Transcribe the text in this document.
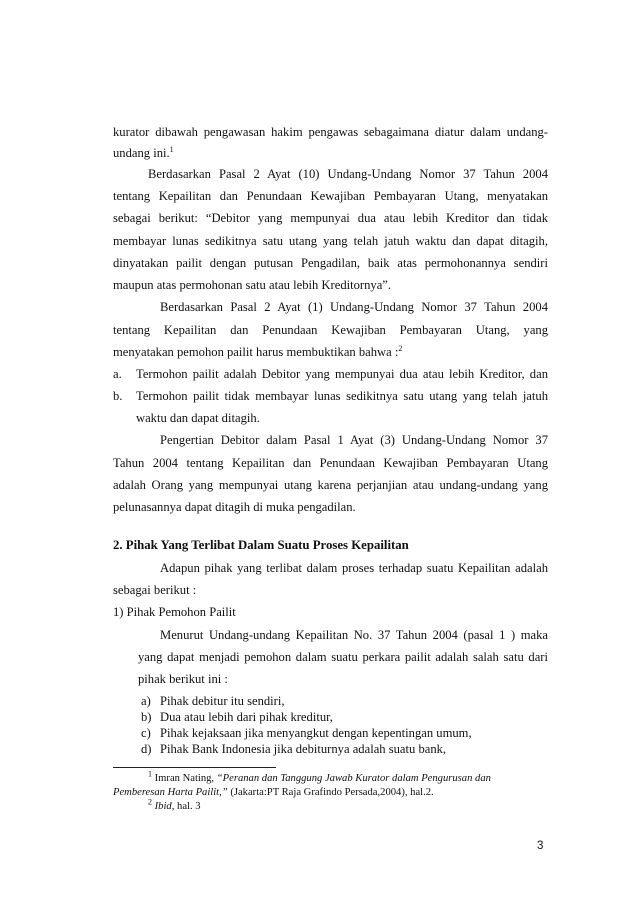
kurator dibawah pengawasan hakim pengawas sebagaimana diatur dalam undang-
undang ini.$^1$
Berdasarkan Pasal 2 Ayat (10) Undang-Undang Nomor 37 Tahun 2004
tentang Kepailitan dan Penundaan Kewajiban Pembayaran Utang, menyatakan
sebagai berikut: “Debitor yang mempunyai dua atau lebih Kreditor dan tidak
membayar lunas sedikitnya satu utang yang telah jatuh waktu dan dapat ditagih,
dinyatakan pailit dengan putusan Pengadilan, baik atas permohonannya sendiri
maupun atas permohonan satu atau lebih Kreditornya”.
Berdasarkan Pasal 2 Ayat (1) Undang-Undang Nomor 37 Tahun 2004
tentang Kepailitan dan Penundaan Kewajiban Pembayaran Utang, yang
menyatakan pemohon pailit harus membuktikan bahwa :$^2$
a. Termohon pailit adalah Debitor yang mempunyai dua atau lebih Kreditor, dan
b. Termohon pailit tidak membayar lunas sedikitnya satu utang yang telah jatuh
waktu dan dapat ditagih.
Pengertian Debitor dalam Pasal 1 Ayat (3) Undang-Undang Nomor 37
Tahun 2004 tentang Kepailitan dan Penundaan Kewajiban Pembayaran Utang
adalah Orang yang mempunyai utang karena perjanjian atau undang-undang yang
pelunasannya dapat ditagih di muka pengadilan.
2. Pihak Yang Terlibat Dalam Suatu Proses Kepailitan
Adapun pihak yang terlibat dalam proses terhadap suatu Kepailitan adalah
sebagai berikut :
1) Pihak Pemohon Pailit
Menurut Undang-undang Kepailitan No. 37 Tahun 2004 (pasal 1 ) maka
yang dapat menjadi pemohon dalam suatu perkara pailit adalah salah satu dari
pihak berikut ini :
a) Pihak debitur itu sendiri,
b) Dua atau lebih dari pihak kreditur,
c) Pihak kejaksaan jika menyangkut dengan kepentingan umum,
d) Pihak Bank Indonesia jika debiturnya adalah suatu bank,
$^1$ Imran Nating, “Peranan dan Tanggung Jawab Kurator dalam Pengurusan dan
Pemberesan Harta Pailit,” (Jakarta:PT Raja Grafindo Persada,2004), hal.2.
$^2$ Ibid, hal. 3
3
